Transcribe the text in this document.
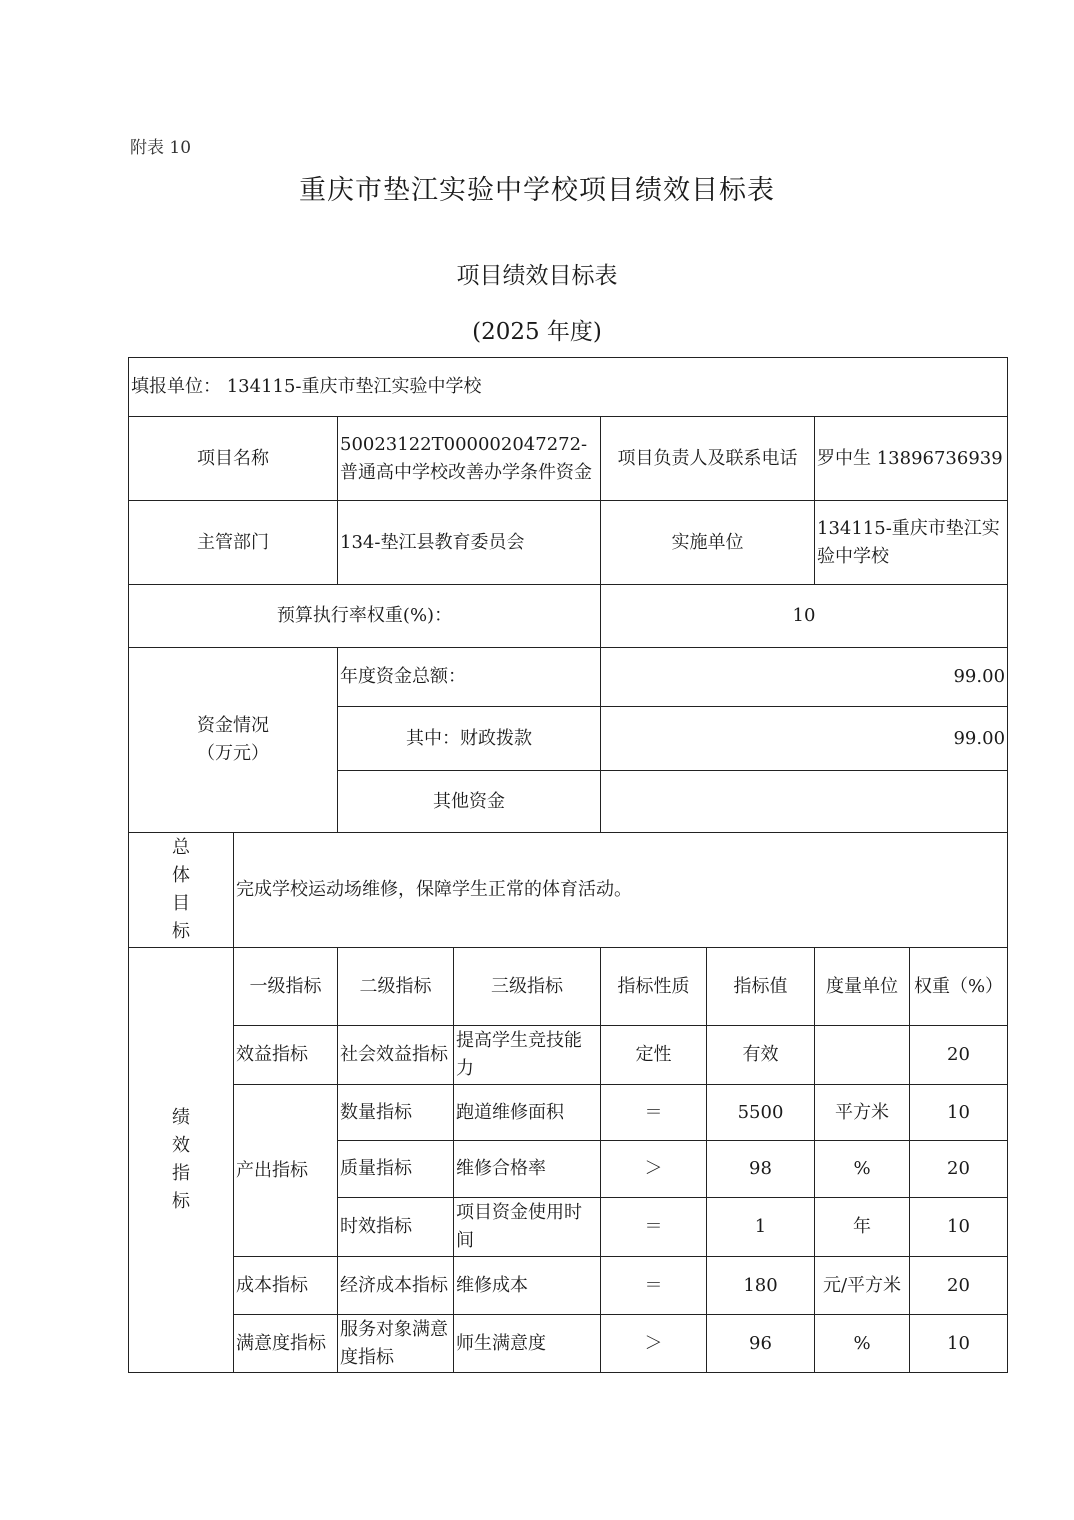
附表 10
重庆市垫江实验中学校项目绩效目标表
项目绩效目标表
(2025 年度)
填报单位： 134115-重庆市垫江实验中学校							
项目名称		50023122T000002047272-普通高中学校改善办学条件资金		项目负责人及联系电话		罗中生 13896736939	
主管部门		134-垫江县教育委员会		实施单位		134115-重庆市垫江实验中学校	
预算执行率权重(%)：				10			

资金情况（万元）		年度资金总额：		99.00			
		其中：财政拨款		99.00			
		其他资金					

总体目标	完成学校运动场维修，保障学生正常的体育活动。						

绩效指标	一级指标	二级指标	三级指标	指标性质	指标值	度量单位	权重（%）
	效益指标	社会效益指标	提高学生竞技能力	定性	有效		20
	产出指标	数量指标	跑道维修面积	＝	5500	平方米	10
		质量指标	维修合格率	＞	98	%	20
		时效指标	项目资金使用时间	＝	1	年	10
	成本指标	经济成本指标	维修成本	＝	180	元/平方米	20
	满意度指标	服务对象满意度指标	师生满意度	＞	96	%	10
